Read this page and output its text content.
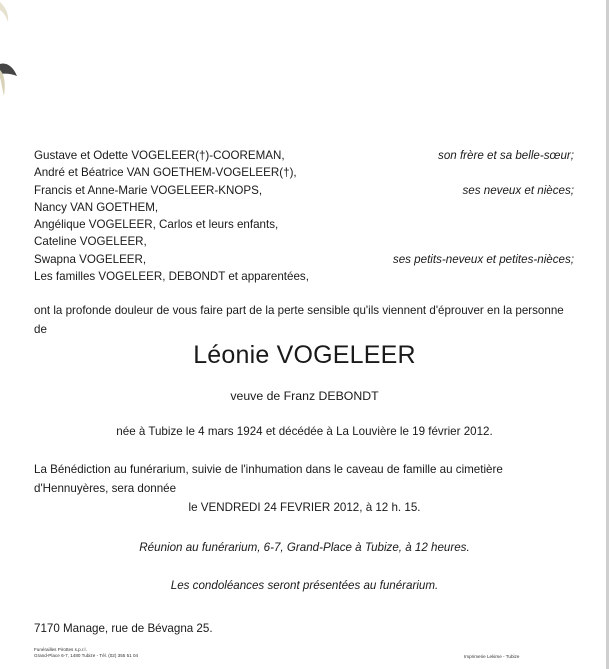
Gustave et Odette VOGELEER(†)-COOREMAN,	son frère et sa belle-sœur;
André et Béatrice VAN GOETHEM-VOGELEER(†),
Francis et Anne-Marie VOGELEER-KNOPS,	ses neveux et nièces;
Nancy VAN GOETHEM,
Angélique VOGELEER, Carlos et leurs enfants,
Cateline VOGELEER,
Swapna VOGELEER,	ses petits-neveux et petites-nièces;
Les familles VOGELEER, DEBONDT et apparentées,
ont la profonde douleur de vous faire part de la perte sensible qu'ils viennent d'éprouver en la personne de
Léonie VOGELEER
veuve de Franz DEBONDT
née à Tubize le 4 mars 1924 et décédée à La Louvière le 19 février 2012.
La Bénédiction au funérarium, suivie de l'inhumation dans le caveau de famille au cimetière d'Hennuyères, sera donnée
le VENDREDI 24 FEVRIER 2012, à 12 h. 15.
Réunion au funérarium, 6-7, Grand-Place à Tubize, à 12 heures.
Les condoléances seront présentées au funérarium.
7170 Manage, rue de Bévagna 25.
Funérailles Pirottes s.p.r.l.
Grand-Place 6-7, 1480 Tubize - Tél. (02) 355 51 04	Imprimerie Lekime - Tubize
